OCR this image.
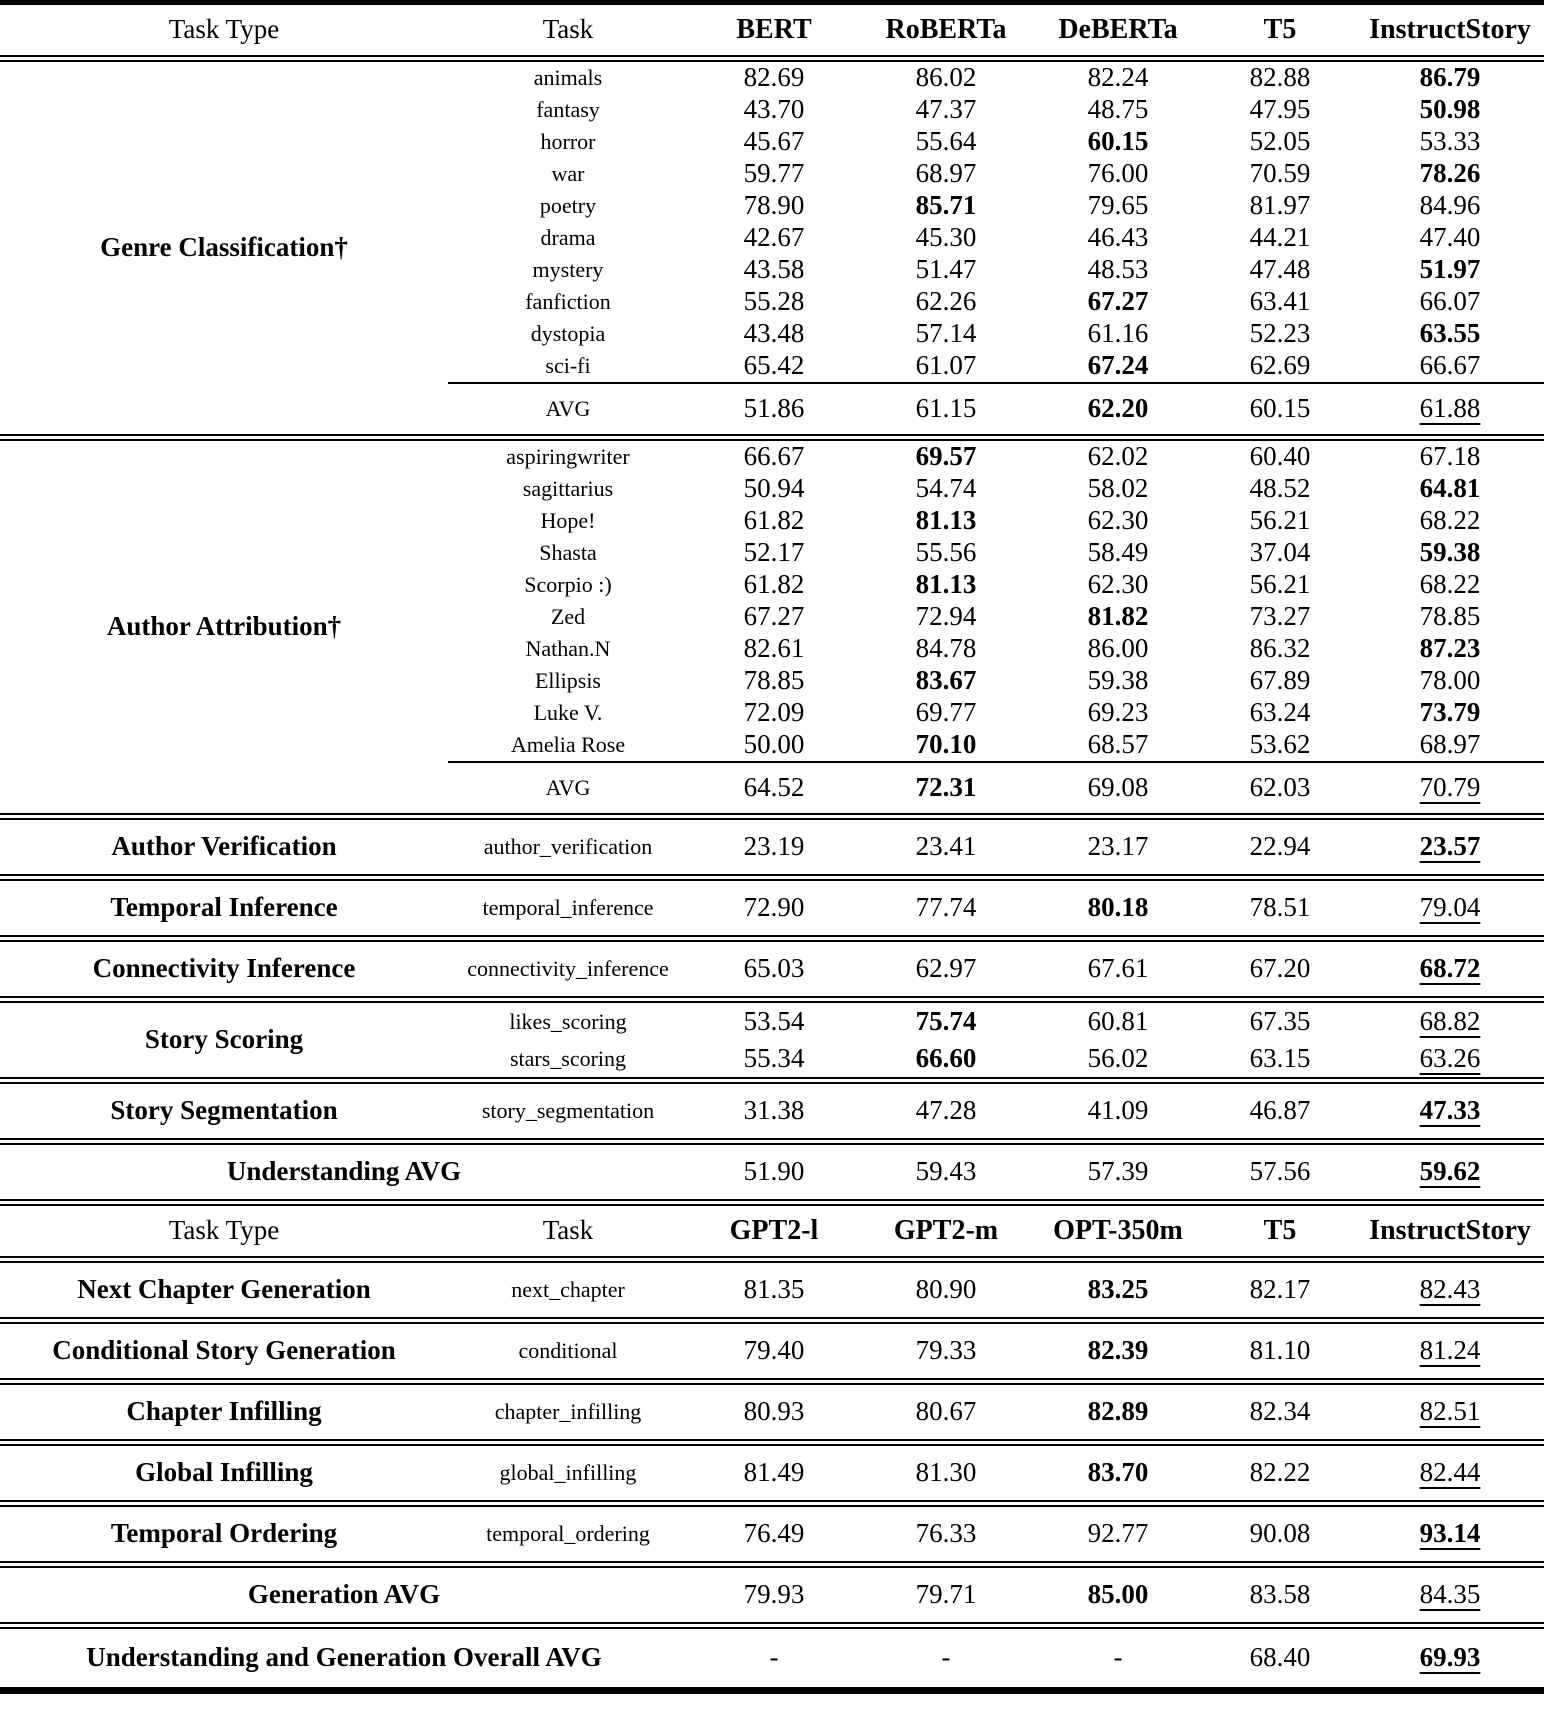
Task Type	Task	BERT	RoBERTa	DeBERTa	T5	InstructStory
Genre Classification†	animals	82.69	86.02	82.24	82.88	86.79
	fantasy	43.70	47.37	48.75	47.95	50.98
	horror	45.67	55.64	60.15	52.05	53.33
	war	59.77	68.97	76.00	70.59	78.26
	poetry	78.90	85.71	79.65	81.97	84.96
	drama	42.67	45.30	46.43	44.21	47.40
	mystery	43.58	51.47	48.53	47.48	51.97
	fanfiction	55.28	62.26	67.27	63.41	66.07
	dystopia	43.48	57.14	61.16	52.23	63.55
	sci-fi	65.42	61.07	67.24	62.69	66.67
	AVG	51.86	61.15	62.20	60.15	61.88
Author Attribution†	aspiringwriter	66.67	69.57	62.02	60.40	67.18
	sagittarius	50.94	54.74	58.02	48.52	64.81
	Hope!	61.82	81.13	62.30	56.21	68.22
	Shasta	52.17	55.56	58.49	37.04	59.38
	Scorpio :)	61.82	81.13	62.30	56.21	68.22
	Zed	67.27	72.94	81.82	73.27	78.85
	Nathan.N	82.61	84.78	86.00	86.32	87.23
	Ellipsis	78.85	83.67	59.38	67.89	78.00
	Luke V.	72.09	69.77	69.23	63.24	73.79
	Amelia Rose	50.00	70.10	68.57	53.62	68.97
	AVG	64.52	72.31	69.08	62.03	70.79
Author Verification	author_verification	23.19	23.41	23.17	22.94	23.57
Temporal Inference	temporal_inference	72.90	77.74	80.18	78.51	79.04
Connectivity Inference	connectivity_inference	65.03	62.97	67.61	67.20	68.72
Story Scoring	likes_scoring	53.54	75.74	60.81	67.35	68.82
	stars_scoring	55.34	66.60	56.02	63.15	63.26
Story Segmentation	story_segmentation	31.38	47.28	41.09	46.87	47.33
Understanding AVG		51.90	59.43	57.39	57.56	59.62
Task Type	Task	GPT2-l	GPT2-m	OPT-350m	T5	InstructStory
Next Chapter Generation	next_chapter	81.35	80.90	83.25	82.17	82.43
Conditional Story Generation	conditional	79.40	79.33	82.39	81.10	81.24
Chapter Infilling	chapter_infilling	80.93	80.67	82.89	82.34	82.51
Global Infilling	global_infilling	81.49	81.30	83.70	82.22	82.44
Temporal Ordering	temporal_ordering	76.49	76.33	92.77	90.08	93.14
Generation AVG		79.93	79.71	85.00	83.58	84.35
Understanding and Generation Overall AVG		-	-	-	68.40	69.93
